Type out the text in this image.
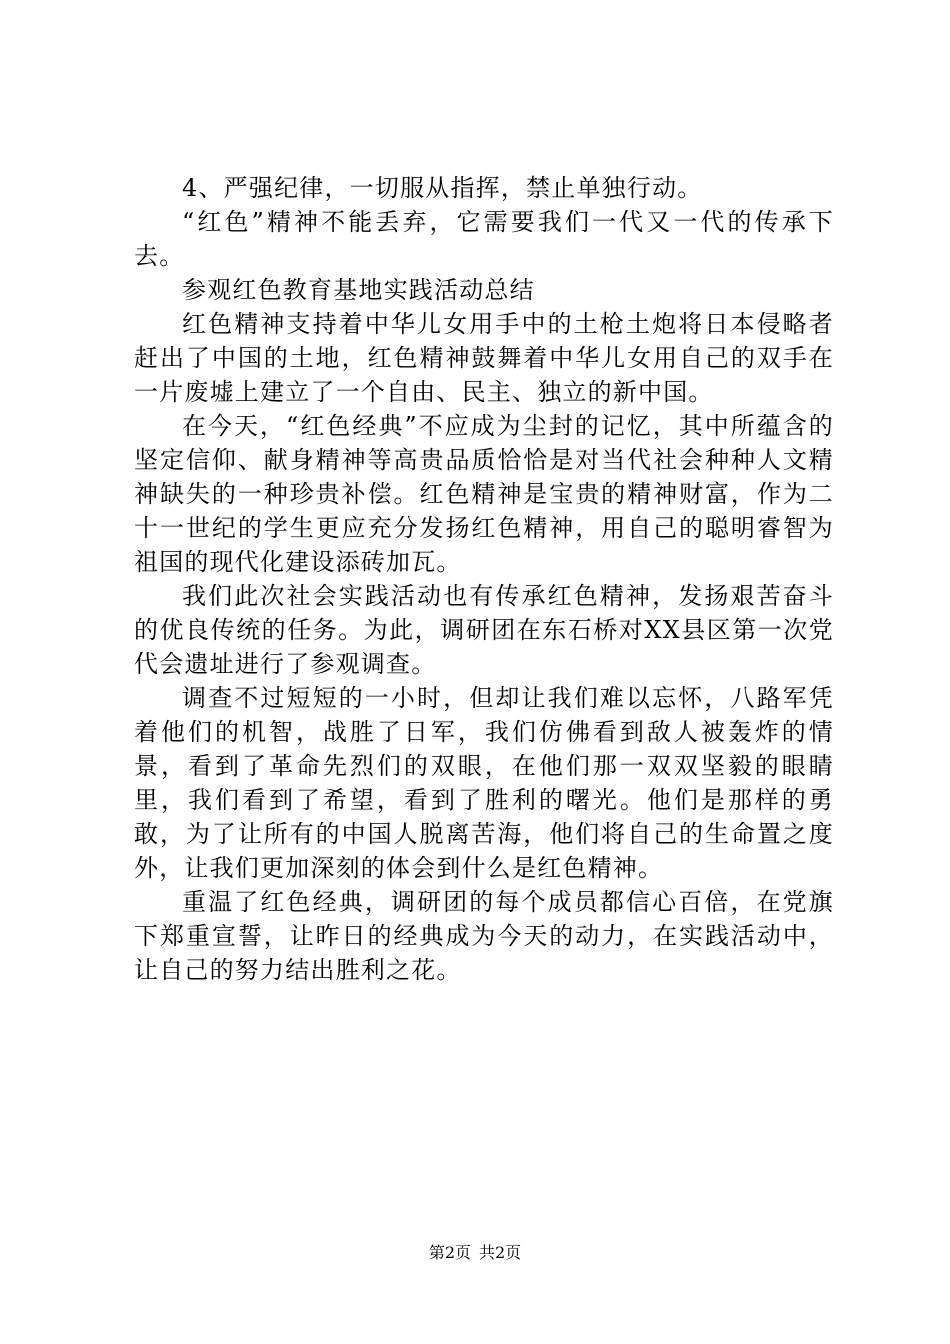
4、严强纪律，一切服从指挥，禁止单独行动。

“红色”精神不能丢弃，它需要我们一代又一代的传承下去。

参观红色教育基地实践活动总结

红色精神支持着中华儿女用手中的土枪土炮将日本侵略者赶出了中国的土地，红色精神鼓舞着中华儿女用自己的双手在一片废墟上建立了一个自由、民主、独立的新中国。

在今天，“红色经典”不应成为尘封的记忆，其中所蕴含的坚定信仰、献身精神等高贵品质恰恰是对当代社会种种人文精神缺失的一种珍贵补偿。红色精神是宝贵的精神财富，作为二十一世纪的学生更应充分发扬红色精神，用自己的聪明睿智为祖国的现代化建设添砖加瓦。

我们此次社会实践活动也有传承红色精神，发扬艰苦奋斗的优良传统的任务。为此，调研团在东石桥对XX县区第一次党代会遗址进行了参观调查。

调查不过短短的一小时，但却让我们难以忘怀，八路军凭着他们的机智，战胜了日军，我们仿佛看到敌人被轰炸的情景，看到了革命先烈们的双眼，在他们那一双双坚毅的眼睛里，我们看到了希望，看到了胜利的曙光。他们是那样的勇敢，为了让所有的中国人脱离苦海，他们将自己的生命置之度外，让我们更加深刻的体会到什么是红色精神。

重温了红色经典，调研团的每个成员都信心百倍，在党旗下郑重宣誓，让昨日的经典成为今天的动力，在实践活动中，让自己的努力结出胜利之花。

第2页 共2页
